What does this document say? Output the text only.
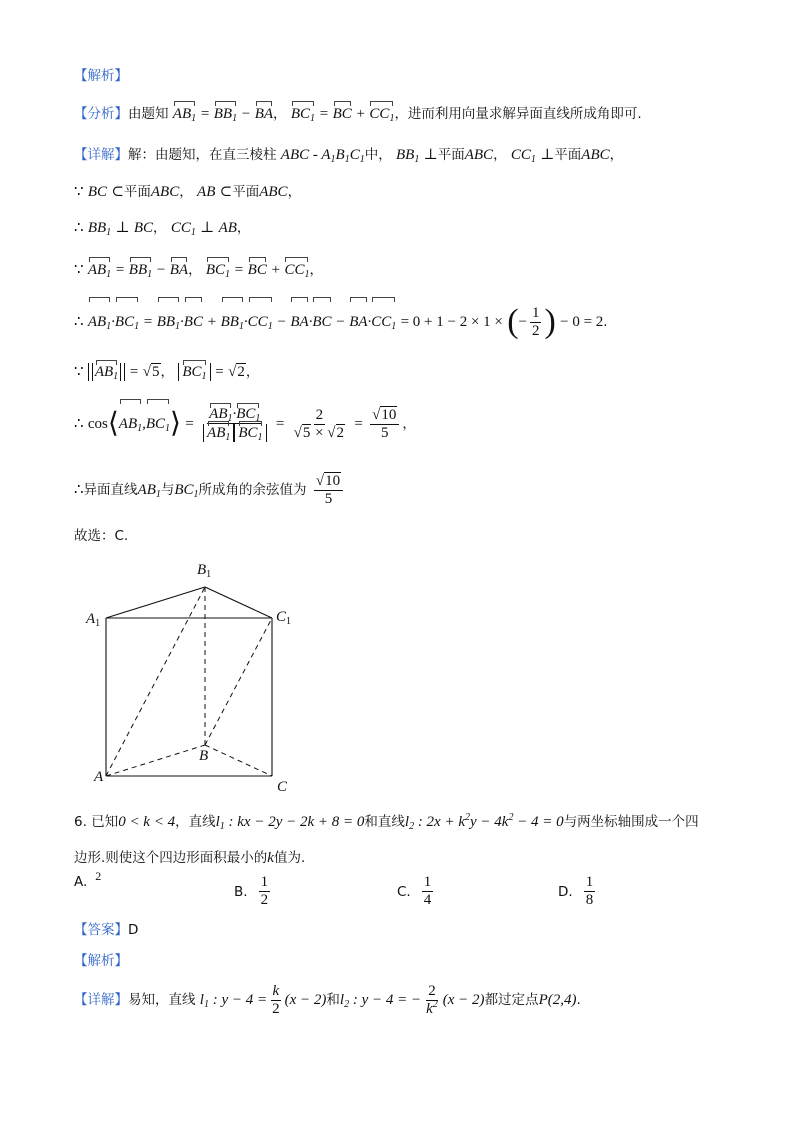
【解析】
【分析】由题知 $AB_1 = BB_1$ − BA， $BC_1$ = BC + $CC_1$，进而利用向量求解异面直线所成角即可.
【详解】解：由题知，在直三棱柱 ABC - $A_1B_1C_1$中， $BB_1$ ⊥平面ABC， $CC_1$ ⊥平面ABC，
∵ BC ⊂平面ABC， AB ⊂平面ABC，
∴ $BB_1$ ⊥ BC， $CC_1$ ⊥ AB，
∵ $AB_1 = BB_1$ − BA， $BC_1$ = BC + $CC_1$，
∴ $AB_1\cdot BC_1 = BB_1\cdot BC + BB_1\cdot CC_1 - BA\cdot BC - BA\cdot CC_1 = 0 + 1 - 2 \times 1$ × (− $\frac{1}{2}$ ) − 0 = 2.
∵ $AB_1 = √5$， $BC_1 = √2$，
∴ $\cos⟨AB_1,BC_1⟩ = \frac{AB_1\cdot BC_1}{AB_1 BC_1} = \frac{2}{√5 \times √2} = \frac{√10}{5}$ ，
∴异面直线$AB_1$与$BC_1$所成角的余弦值为 $\frac{√10}{5}$
故选：C.
$B_1$
$A_1$	$C_1$
A
B
C
6. 已知0 < k < 4，直线$l_1$ : kx − 2y − 2k + 8 = 0和直线$l_2$ : $2x + k^2y - 4k^2 - 4 = 0$与两坐标轴围成一个四
边形.则使这个四边形面积最小的k值为.
A. 2
B. $\frac{1}{2}$	C. $\frac{1}{4}$	D. $\frac{1}{8}$
【答案】D
【解析】
【详解】易知，直线 $l_1$ : $y - 4 = \frac{k}{2} (x - 2)$和$l_2$ : y − 4 = − $\frac{2}{k^2} (x - 2)$都过定点P(2,4).
